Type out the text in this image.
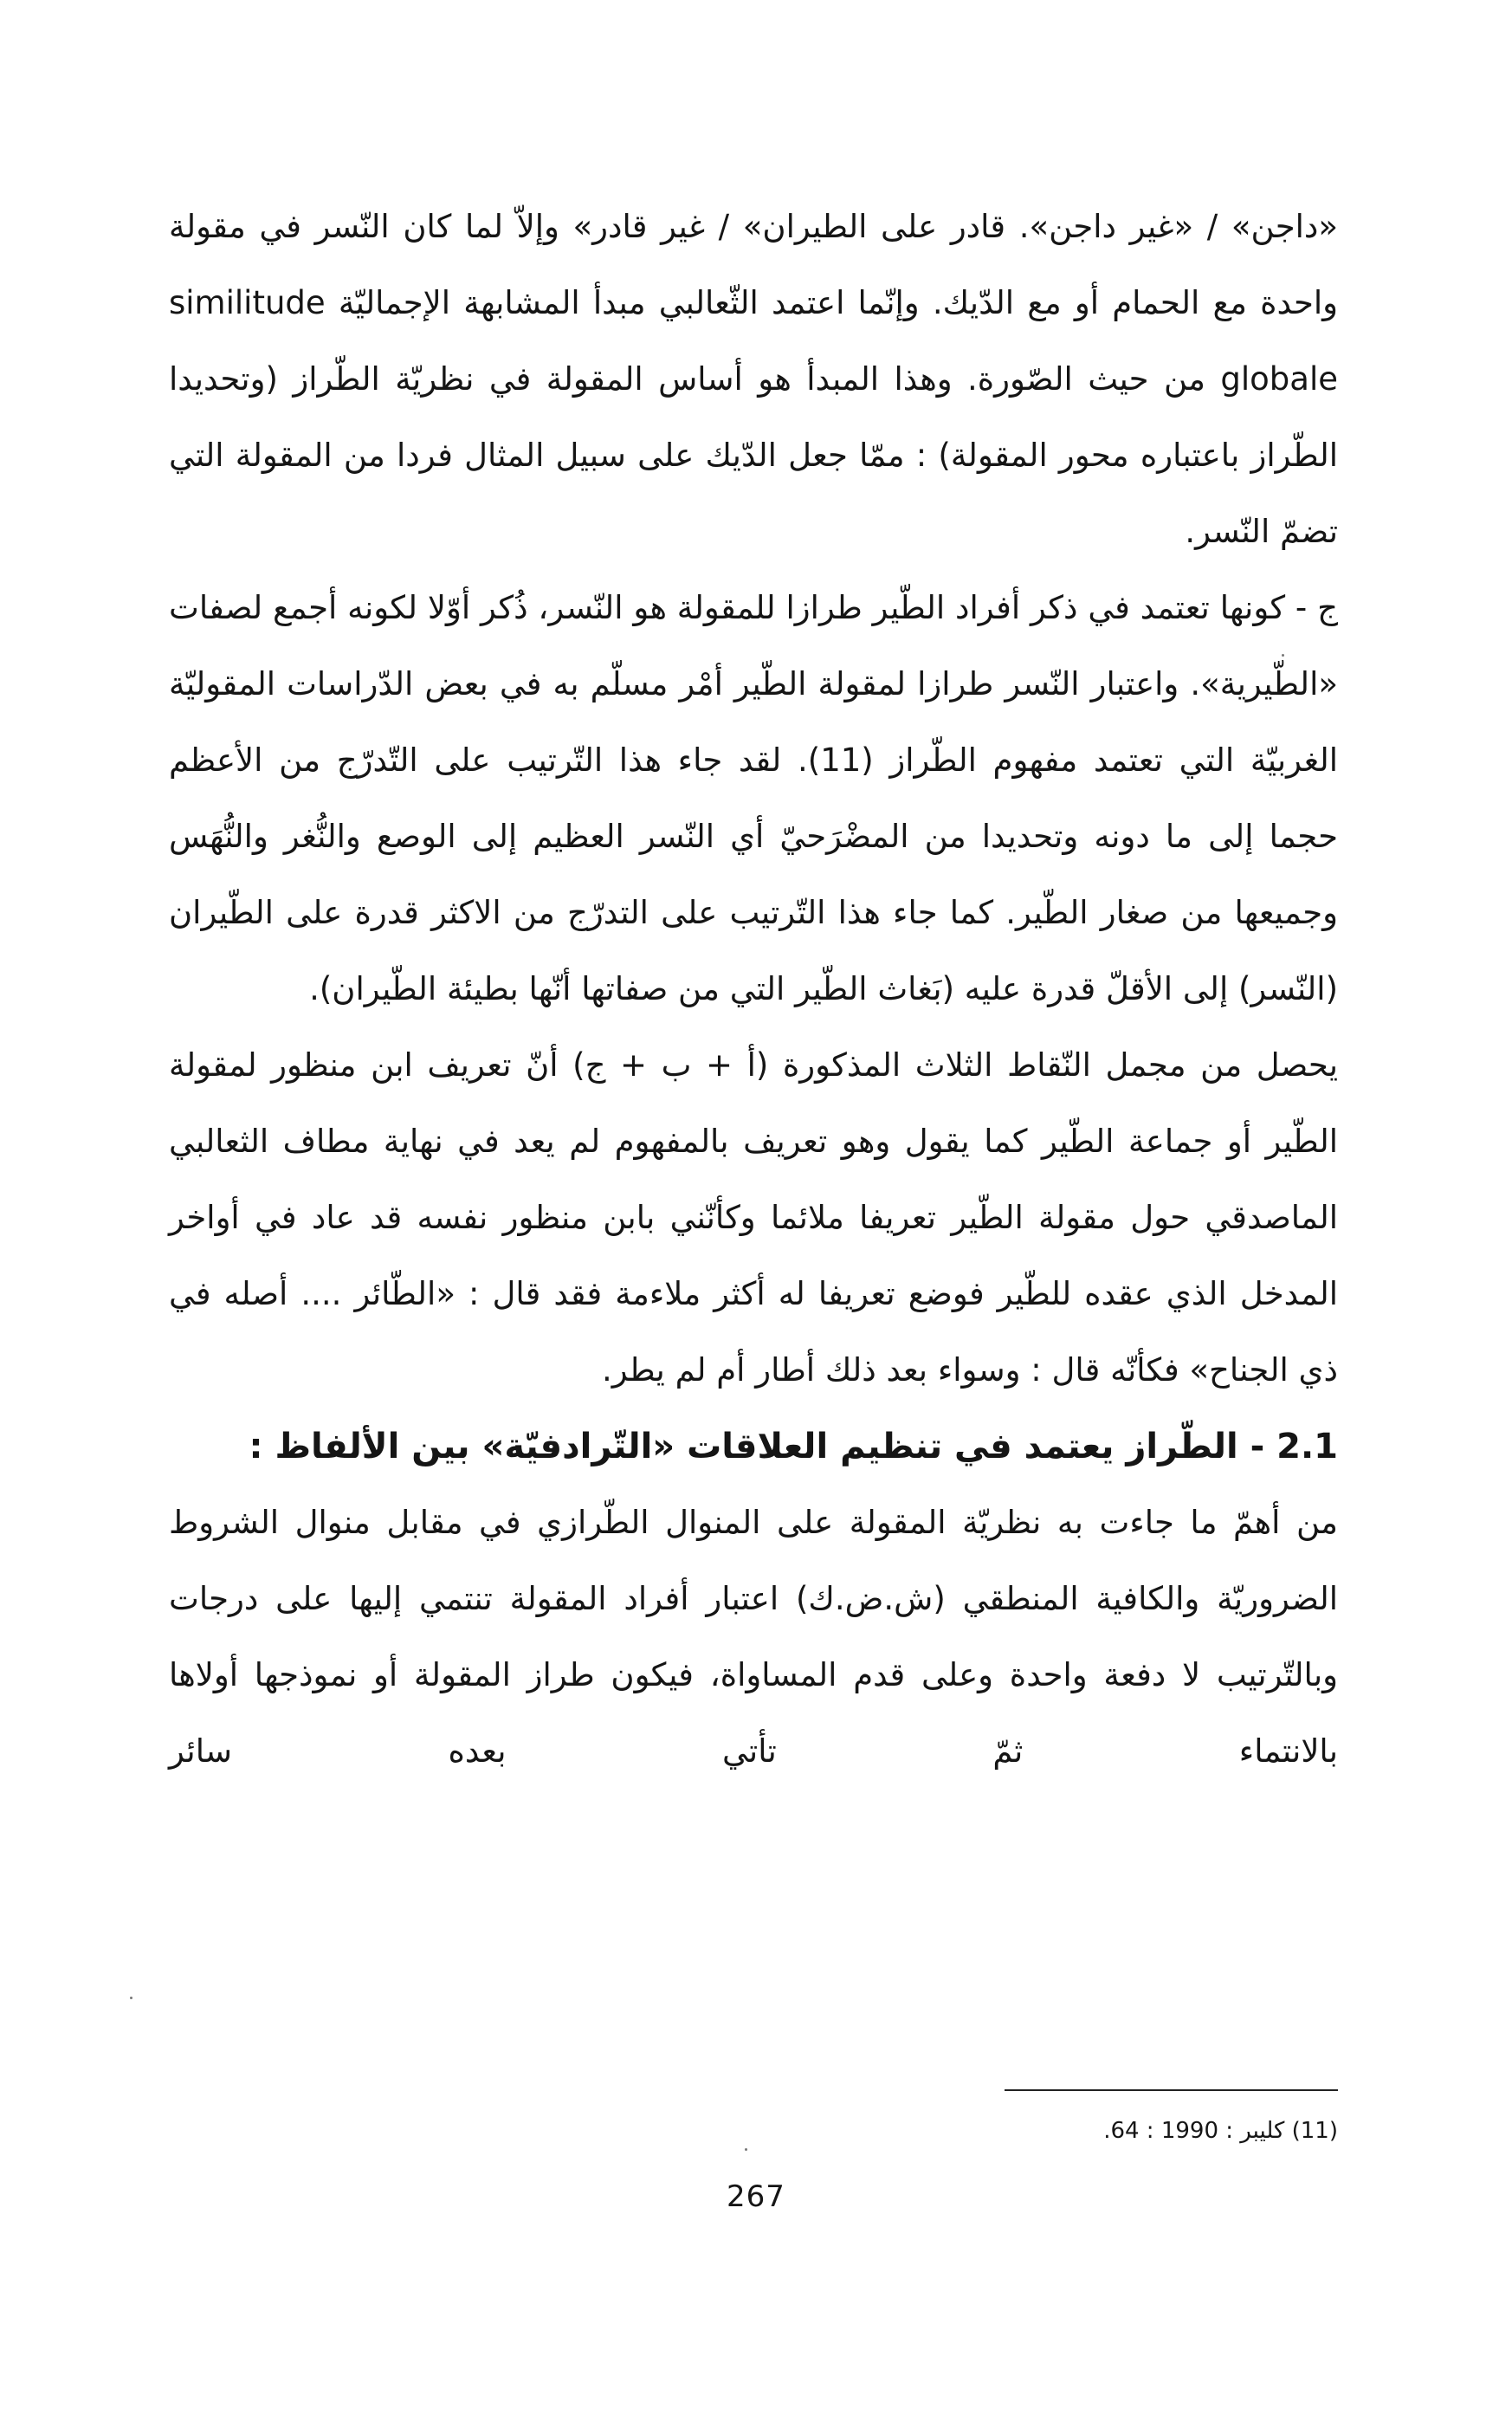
«داجن» / «غير داجن». قادر على الطيران» / غير قادر» وإلاّ لما كان النّسر في مقولة واحدة مع الحمام أو مع الدّيك. وإنّما اعتمد الثّعالبي مبدأ المشابهة الإجماليّة similitude globale من حيث الصّورة. وهذا المبدأ هو أساس المقولة في نظريّة الطّراز (وتحديدا الطّراز باعتباره محور المقولة) : ممّا جعل الدّيك على سبيل المثال فردا من المقولة التي تضمّ النّسر.

ج - كونها تعتمد في ذكر أفراد الطّير طرازا للمقولة هو النّسر، ذُكر أوّلا لكونه أجمع لصفات «الطّيرية». واعتبار النّسر طرازا لمقولة الطّير أمْر مسلّم به في بعض الدّراسات المقوليّة الغربيّة التي تعتمد مفهوم الطّراز (11). لقد جاء هذا التّرتيب على التّدرّج من الأعظم حجما إلى ما دونه وتحديدا من المضْرَحيّ أي النّسر العظيم إلى الوصع والنُّغر والنُّهَس وجميعها من صغار الطّير. كما جاء هذا التّرتيب على التدرّج من الاكثر قدرة على الطّيران (النّسر) إلى الأقلّ قدرة عليه (بَغاث الطّير التي من صفاتها أنّها بطيئة الطّيران).

يحصل من مجمل النّقاط الثلاث المذكورة (أ + ب + ج) أنّ تعريف ابن منظور لمقولة الطّير أو جماعة الطّير كما يقول وهو تعريف بالمفهوم لم يعد في نهاية مطاف الثعالبي الماصدقي حول مقولة الطّير تعريفا ملائما وكأنّني بابن منظور نفسه قد عاد في أواخر المدخل الذي عقده للطّير فوضع تعريفا له أكثر ملاءمة فقد قال : «الطّائر .... أصله في ذي الجناح» فكأنّه قال : وسواء بعد ذلك أطار أم لم يطر.

2.1 - الطّراز يعتمد في تنظيم العلاقات «التّرادفيّة» بين الألفاظ :

من أهمّ ما جاءت به نظريّة المقولة على المنوال الطّرازي في مقابل منوال الشروط الضروريّة والكافية المنطقي (ش.ض.ك) اعتبار أفراد المقولة تنتمي إليها على درجات وبالتّرتيب لا دفعة واحدة وعلى قدم المساواة، فيكون طراز المقولة أو نموذجها أولاها بالانتماء ثمّ تأتي بعده سائر

(11) كليبر : 1990 : 64.
267
